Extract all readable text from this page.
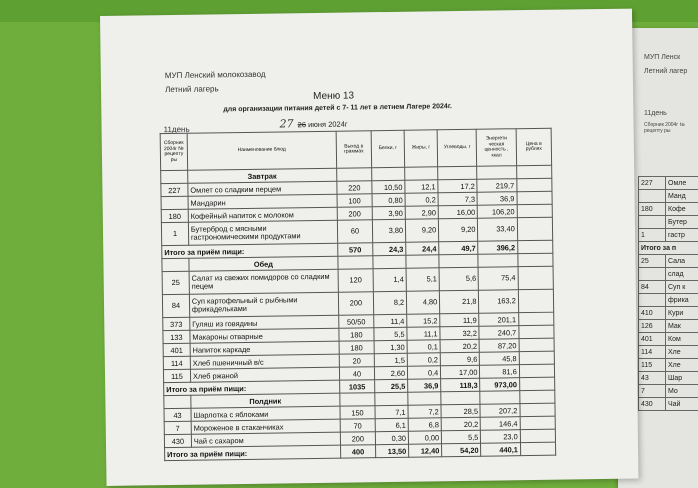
МУП Ленск
Летний лагер
11день
Сборник 2004г № рецепту ры
227	Омле
	Манд
180	Кофе
	Бутер
1	гастр
Итого за п	
25	Сала
	слад
84	Суп к
	фрика
410	Кури
126	Мак
401	Ком
114	Хле
115	Хле
43	Шар
7	Мо
430	Чай
МУП Ленский молокозавод
Летний лагерь
Меню 13
для организации питания детей с 7- 11 лет в летнем Лагере 2024г.
11день	27 26 июня 2024г
Сборник 2004г № рецепту ры	Наименование блюд	Выход в граммах	Белки, г	Жиры, г	Углеводы, г	Энергети ческая ценность , ккал	Цена в рублях
	Завтрак						
227	Омлет со сладким перцем	220	10,50	12,1	17,2	219,7	
	Мандарин	100	0,80	0,2	7,3	36,9	
180	Кофейный напиток с молоком	200	3,90	2,90	16,00	106,20	
1	Бутерброд с мясными гастрономическими продуктами	60	3,80	9,20	9,20	33,40	
Итого за приём пищи:		570	24,3	24,4	49,7	396,2	
	Обед						
25	Салат из свежих помидоров со сладким пецем	120	1,4	5,1	5,6	75,4	
84	Суп картофельный с рыбными фрикадельками	200	8,2	4,80	21,8	163,2	
373	Гуляш из говядины	50/50	11,4	15,2	11,9	201,1	
133	Макароны отварные	180	5,5	11,1	32,2	240,7	
401	Напиток каркаде	180	1,30	0,1	20,2	87,20	
114	Хлеб пшеничный в/с	20	1,5	0,2	9,6	45,8	
115	Хлеб ржаной	40	2,60	0,4	17,00	81,6	
Итого за приём пищи:		1035	25,5	36,9	118,3	973,00	
	Полдник						
43	Шарлотка с яблоками	150	7,1	7,2	28,5	207,2	
7	Мороженое в стаканчиках	70	6,1	6,8	20,2	146,4	
430	Чай с сахаром	200	0,30	0,00	5,5	23,0	
Итого за приём пищи:		400	13,50	12,40	54,20	440,1	
